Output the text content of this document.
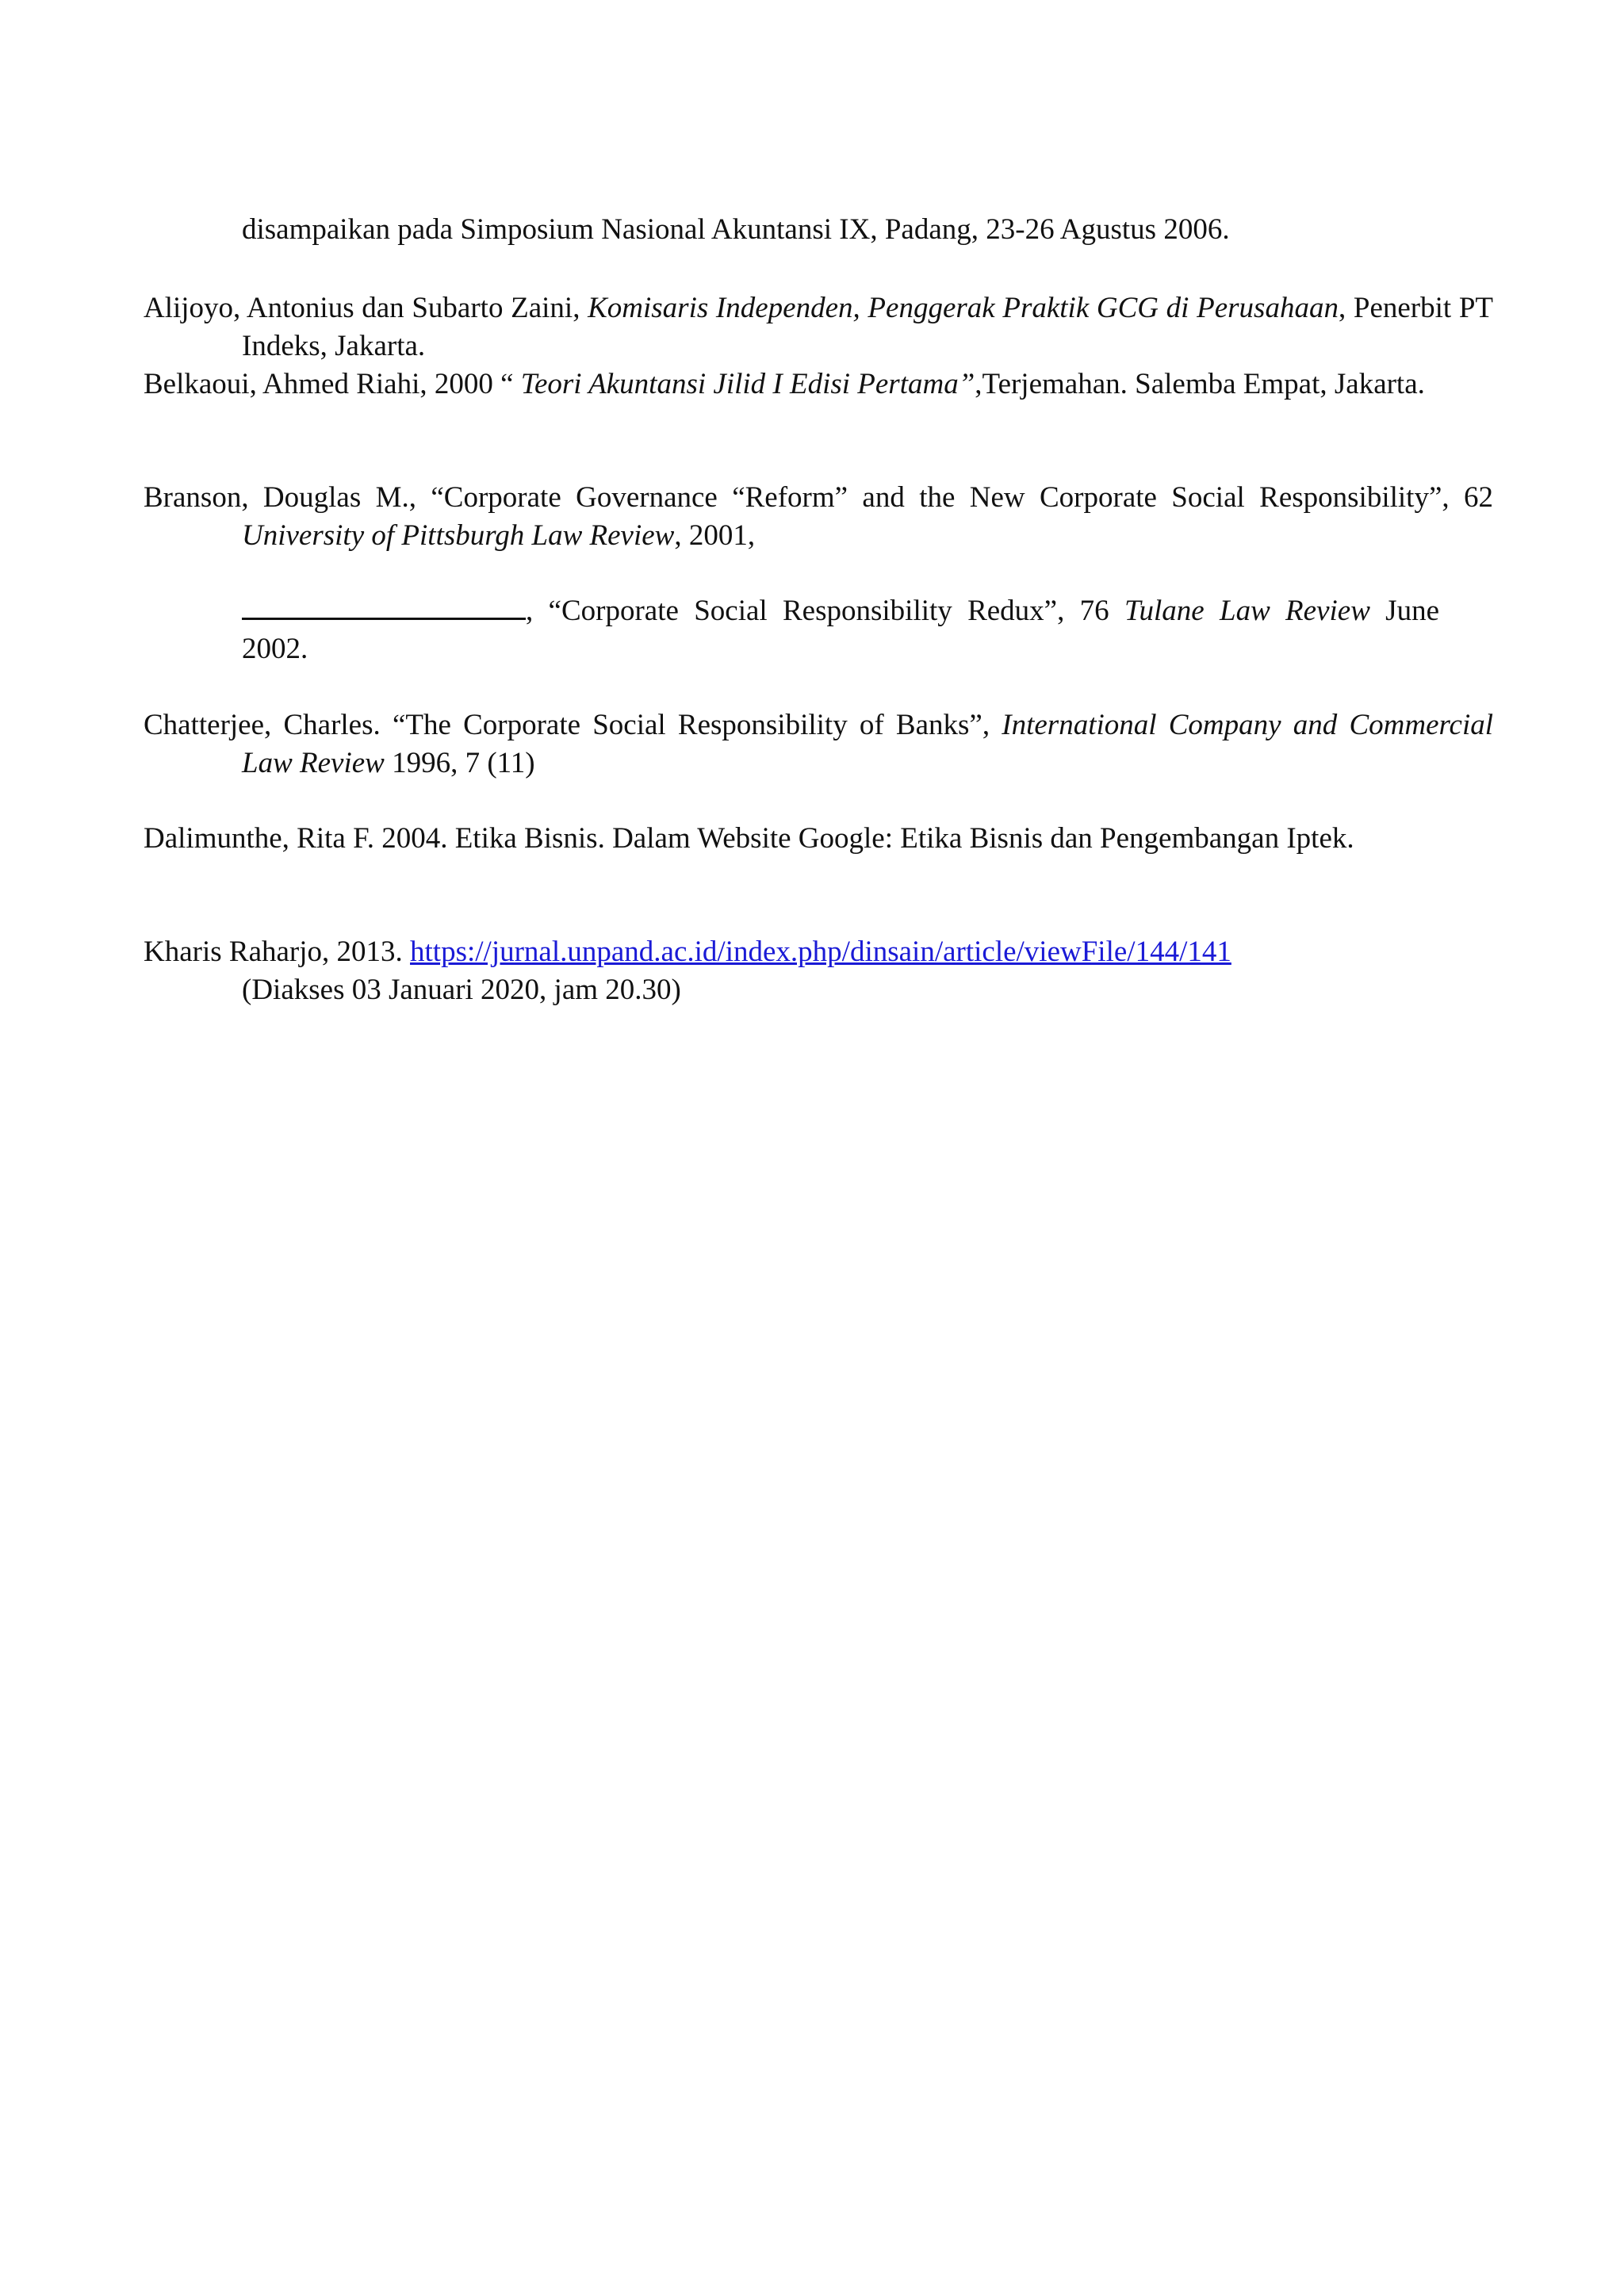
disampaikan pada Simposium Nasional Akuntansi IX, Padang, 23-26 Agustus 2006.
Alijoyo, Antonius dan Subarto Zaini, Komisaris Independen, Penggerak Praktik GCG di Perusahaan, Penerbit PT Indeks, Jakarta.
Belkaoui, Ahmed Riahi, 2000 “ Teori Akuntansi Jilid I Edisi Pertama”,Terjemahan. Salemba Empat, Jakarta.
Branson, Douglas M., “Corporate Governance “Reform” and the New Corporate Social Responsibility”, 62 University of Pittsburgh Law Review, 2001,
, “Corporate Social Responsibility Redux”, 76 Tulane Law Review June 2002.
Chatterjee, Charles. “The Corporate Social Responsibility of Banks”, International Company and Commercial Law Review 1996, 7 (11)
Dalimunthe, Rita F. 2004. Etika Bisnis. Dalam Website Google: Etika Bisnis dan Pengembangan Iptek.
Kharis Raharjo, 2013. https://jurnal.unpand.ac.id/index.php/dinsain/article/viewFile/144/141
(Diakses 03 Januari 2020, jam 20.30)
